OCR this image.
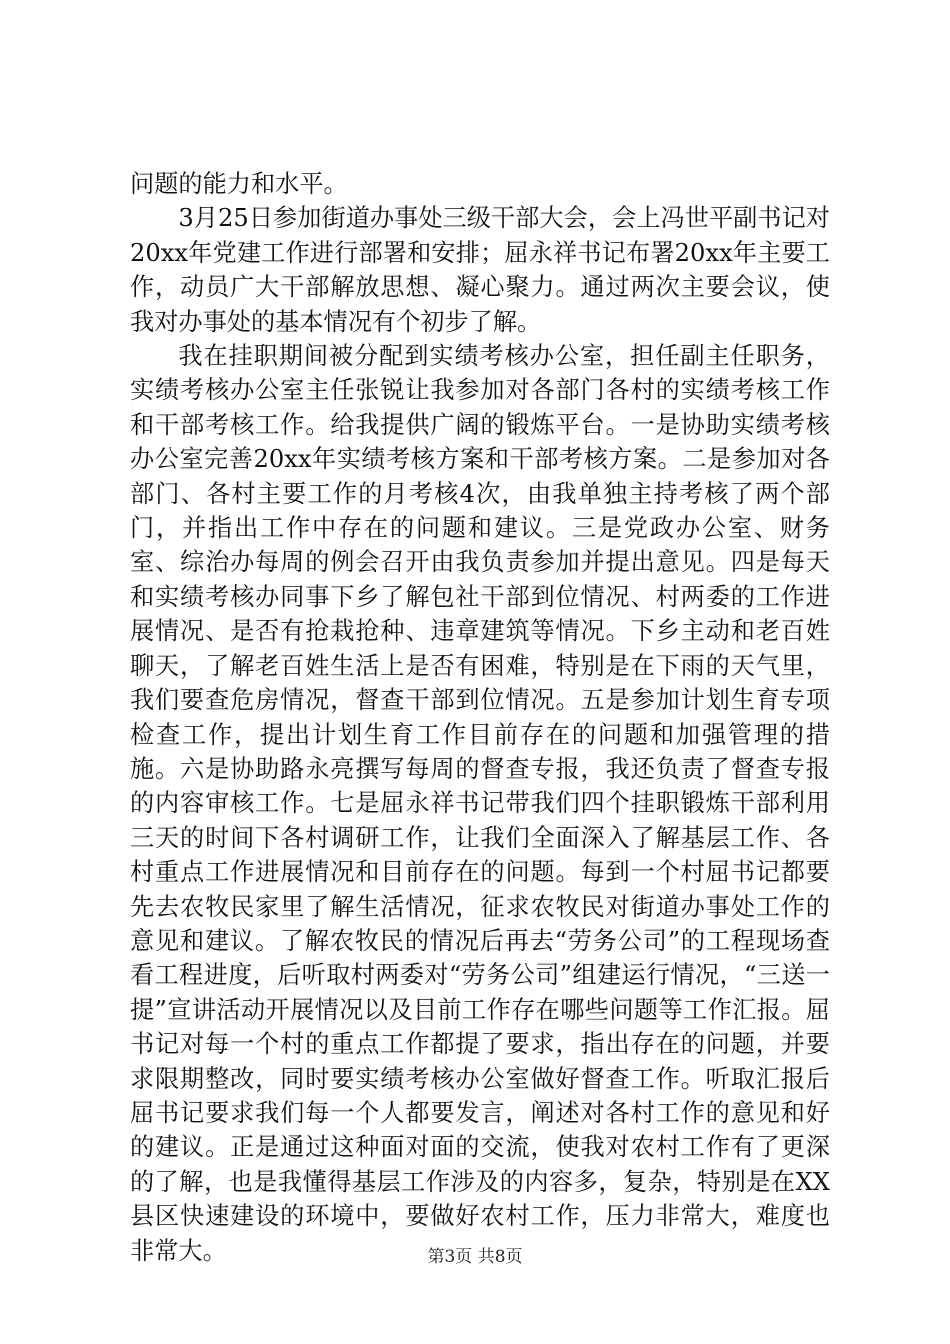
问题的能力和水平。

3月25日参加街道办事处三级干部大会，会上冯世平副书记对20xx年党建工作进行部署和安排；屈永祥书记布署20xx年主要工作，动员广大干部解放思想、凝心聚力。通过两次主要会议，使我对办事处的基本情况有个初步了解。

我在挂职期间被分配到实绩考核办公室，担任副主任职务，实绩考核办公室主任张锐让我参加对各部门各村的实绩考核工作和干部考核工作。给我提供广阔的锻炼平台。一是协助实绩考核办公室完善20xx年实绩考核方案和干部考核方案。二是参加对各部门、各村主要工作的月考核4次，由我单独主持考核了两个部门，并指出工作中存在的问题和建议。三是党政办公室、财务室、综治办每周的例会召开由我负责参加并提出意见。四是每天和实绩考核办同事下乡了解包社干部到位情况、村两委的工作进展情况、是否有抢栽抢种、违章建筑等情况。下乡主动和老百姓聊天，了解老百姓生活上是否有困难，特别是在下雨的天气里，我们要查危房情况，督查干部到位情况。五是参加计划生育专项检查工作，提出计划生育工作目前存在的问题和加强管理的措施。六是协助路永亮撰写每周的督查专报，我还负责了督查专报的内容审核工作。七是屈永祥书记带我们四个挂职锻炼干部利用三天的时间下各村调研工作，让我们全面深入了解基层工作、各村重点工作进展情况和目前存在的问题。每到一个村屈书记都要先去农牧民家里了解生活情况，征求农牧民对街道办事处工作的意见和建议。了解农牧民的情况后再去“劳务公司”的工程现场查看工程进度，后听取村两委对“劳务公司”组建运行情况，“三送一提”宣讲活动开展情况以及目前工作存在哪些问题等工作汇报。屈书记对每一个村的重点工作都提了要求，指出存在的问题，并要求限期整改，同时要实绩考核办公室做好督查工作。听取汇报后屈书记要求我们每一个人都要发言，阐述对各村工作的意见和好的建议。正是通过这种面对面的交流，使我对农村工作有了更深的了解，也是我懂得基层工作涉及的内容多，复杂，特别是在XX县区快速建设的环境中，要做好农村工作，压力非常大，难度也非常大。	第3页 共8页
